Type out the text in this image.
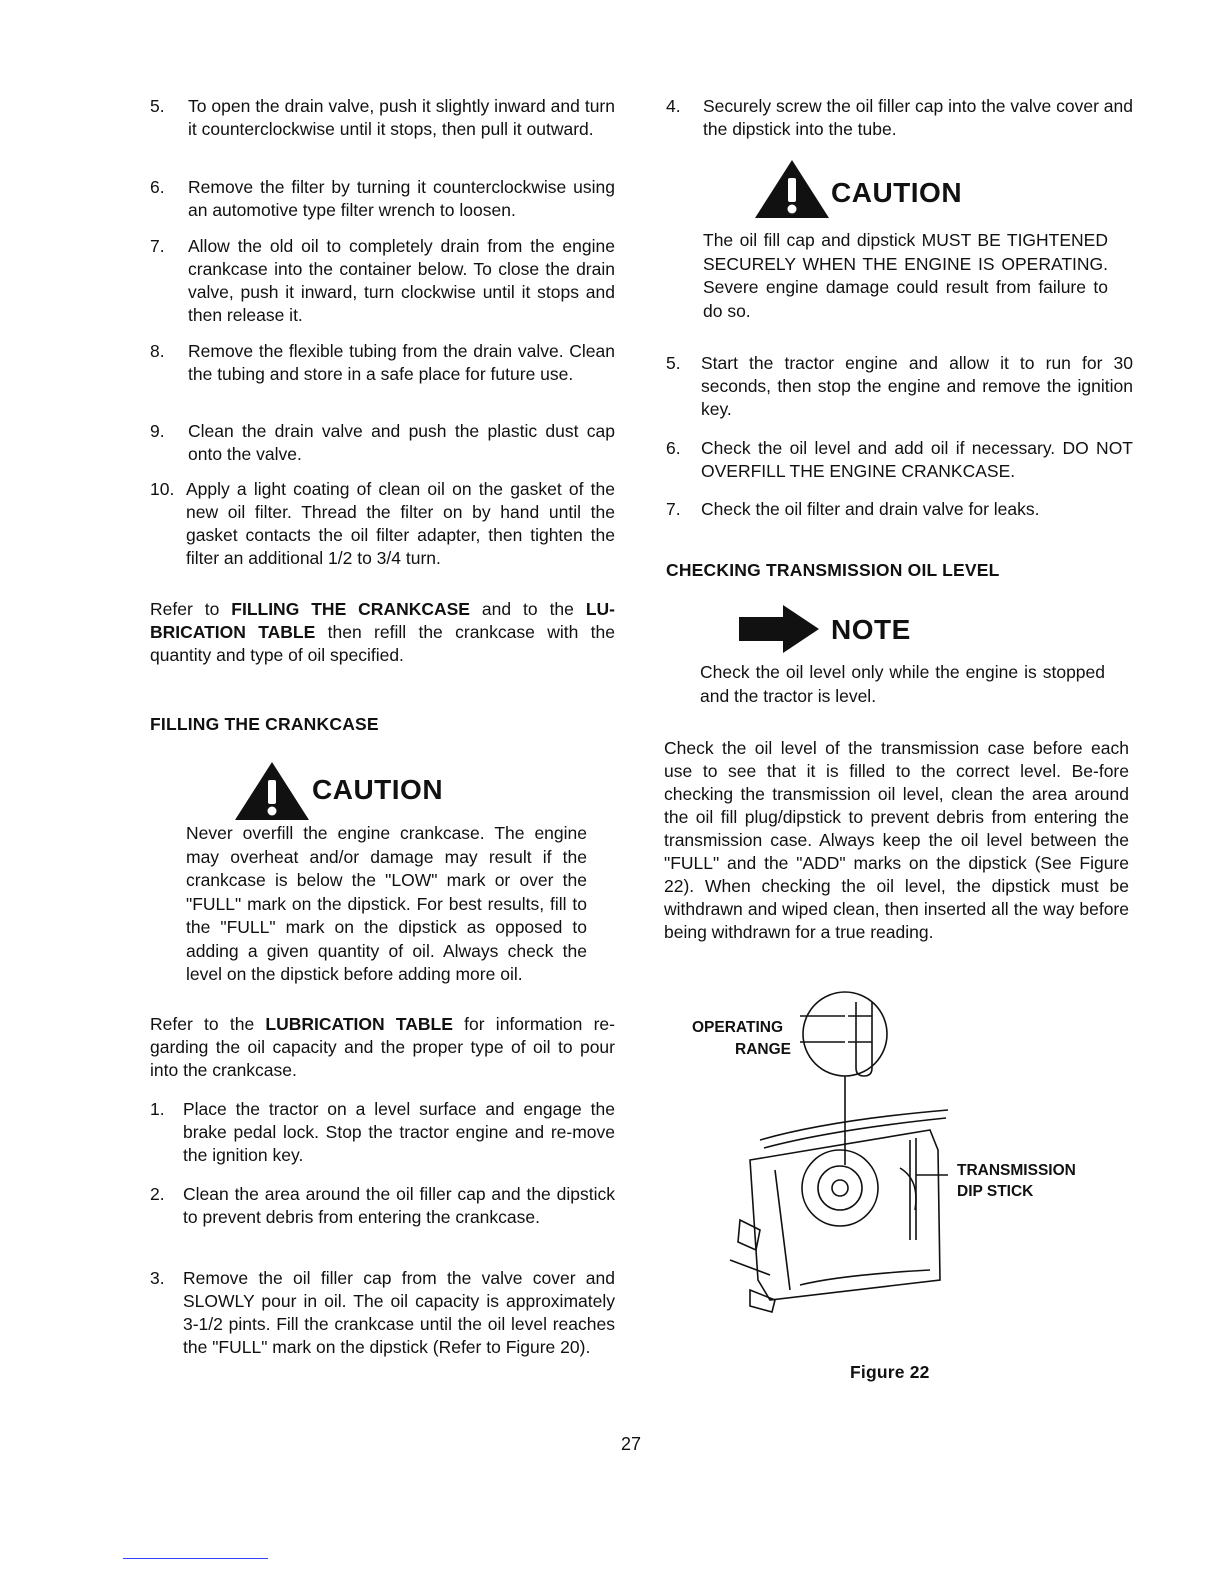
5. To open the drain valve, push it slightly inward and turn it counterclockwise until it stops, then pull it outward.
6. Remove the filter by turning it counterclockwise using an automotive type filter wrench to loosen.
7. Allow the old oil to completely drain from the engine crankcase into the container below. To close the drain valve, push it inward, turn clockwise until it stops and then release it.
8. Remove the flexible tubing from the drain valve. Clean the tubing and store in a safe place for future use.
9. Clean the drain valve and push the plastic dust cap onto the valve.
10. Apply a light coating of clean oil on the gasket of the new oil filter. Thread the filter on by hand until the gasket contacts the oil filter adapter, then tighten the filter an additional 1/2 to 3/4 turn.
Refer to FILLING THE CRANKCASE and to the LU-BRICATION TABLE then refill the crankcase with the quantity and type of oil specified.
FILLING THE CRANKCASE
CAUTION
Never overfill the engine crankcase. The engine may overheat and/or damage may result if the crankcase is below the "LOW" mark or over the "FULL" mark on the dipstick. For best results, fill to the "FULL" mark on the dipstick as opposed to adding a given quantity of oil. Always check the level on the dipstick before adding more oil.
Refer to the LUBRICATION TABLE for information re-garding the oil capacity and the proper type of oil to pour into the crankcase.
1. Place the tractor on a level surface and engage the brake pedal lock. Stop the tractor engine and re-move the ignition key.
2. Clean the area around the oil filler cap and the dipstick to prevent debris from entering the crankcase.
3. Remove the oil filler cap from the valve cover and SLOWLY pour in oil. The oil capacity is approximately 3-1/2 pints. Fill the crankcase until the oil level reaches the "FULL" mark on the dipstick (Refer to Figure 20).
4. Securely screw the oil filler cap into the valve cover and the dipstick into the tube.
CAUTION
The oil fill cap and dipstick MUST BE TIGHTENED SECURELY WHEN THE ENGINE IS OPERATING. Severe engine damage could result from failure to do so.
5. Start the tractor engine and allow it to run for 30 seconds, then stop the engine and remove the ignition key.
6. Check the oil level and add oil if necessary. DO NOT OVERFILL THE ENGINE CRANKCASE.
7. Check the oil filter and drain valve for leaks.
CHECKING TRANSMISSION OIL LEVEL
NOTE
Check the oil level only while the engine is stopped and the tractor is level.
Check the oil level of the transmission case before each use to see that it is filled to the correct level. Be-fore checking the transmission oil level, clean the area around the oil fill plug/dipstick to prevent debris from entering the transmission case. Always keep the oil level between the "FULL" and the "ADD" marks on the dipstick (See Figure 22). When checking the oil level, the dipstick must be withdrawn and wiped clean, then inserted all the way before being withdrawn for a true reading.
OPERATING
RANGE
TRANSMISSION
DIP STICK
Figure 22
27
